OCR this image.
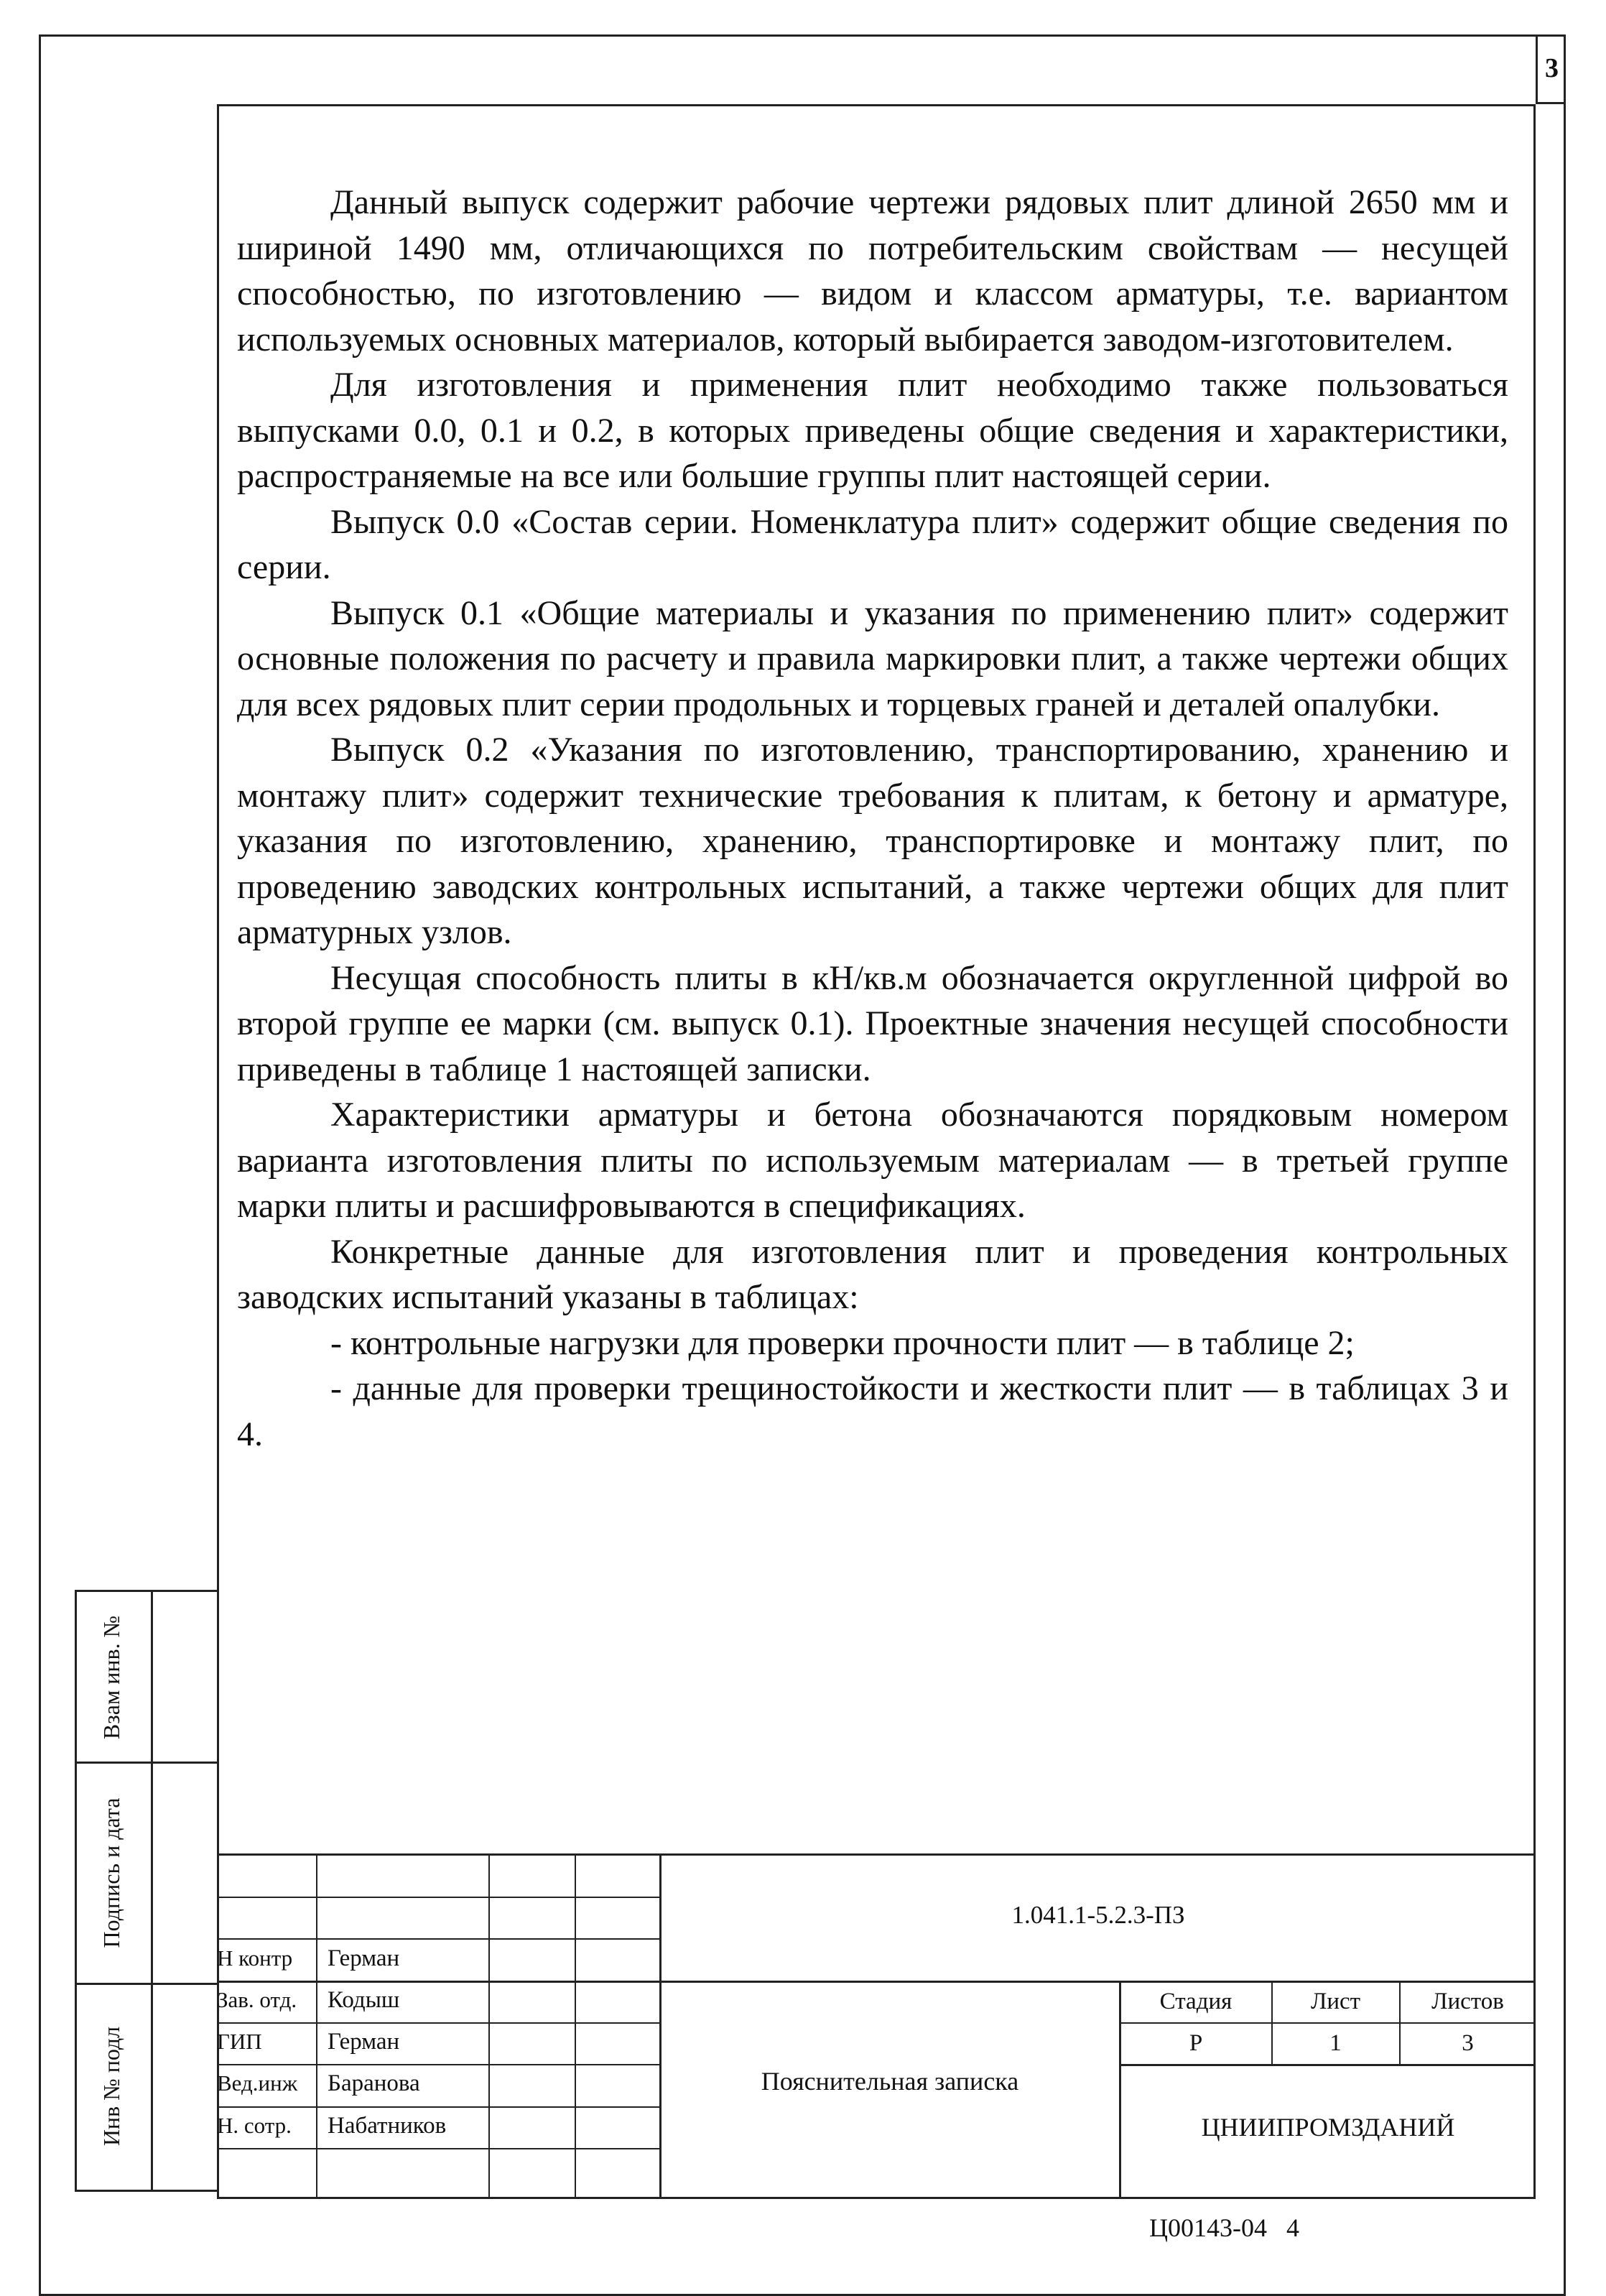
3

Данный выпуск содержит рабочие чертежи рядовых плит длиной 2650 мм и шириной 1490 мм, отличающихся по потребительским свойствам — несущей способностью, по изготовлению — видом и классом арматуры, т.е. вариантом используемых основных материалов, который выбирается заводом-изготовителем.

Для изготовления и применения плит необходимо также пользоваться выпусками 0.0, 0.1 и 0.2, в которых приведены общие сведения и характеристики, распространяемые на все или большие группы плит настоящей серии.

Выпуск 0.0 «Состав серии. Номенклатура плит» содержит общие сведения по серии.

Выпуск 0.1 «Общие материалы и указания по применению плит» содержит основные положения по расчету и правила маркировки плит, а также чертежи общих для всех рядовых плит серии продольных и торцевых граней и деталей опалубки.

Выпуск 0.2 «Указания по изготовлению, транспортированию, хранению и монтажу плит» содержит технические требования к плитам, к бетону и арматуре, указания по изготовлению, хранению, транспортировке и монтажу плит, по проведению заводских контрольных испытаний, а также чертежи общих для плит арматурных узлов.

Несущая способность плиты в кН/кв.м обозначается округленной цифрой во второй группе ее марки (см. выпуск 0.1). Проектные значения несущей способности приведены в таблице 1 настоящей записки.

Характеристики арматуры и бетона обозначаются порядковым номером варианта изготовления плиты по используемым материалам — в третьей группе марки плиты и расшифровываются в спецификациях.

Конкретные данные для изготовления плит и проведения контрольных заводских испытаний указаны в таблицах:

- контрольные нагрузки для проверки прочности плит — в таблице 2;

- данные для проверки трещиностойкости и жесткости плит — в таблицах 3 и 4.

Взам инв. №
Подпись и дата
Инв № подл
1.041.1-5.2.3-ПЗ
Н контр Герман
Зав. отд. Кодыш
ГИП	Герман
Вед.инж Баранова
Н. сотр. Набатников
Пояснительная записка
Стадия	Лист	Листов
Р	1	3
ЦНИИПРОМЗДАНИЙ
Ц00143-04   4
